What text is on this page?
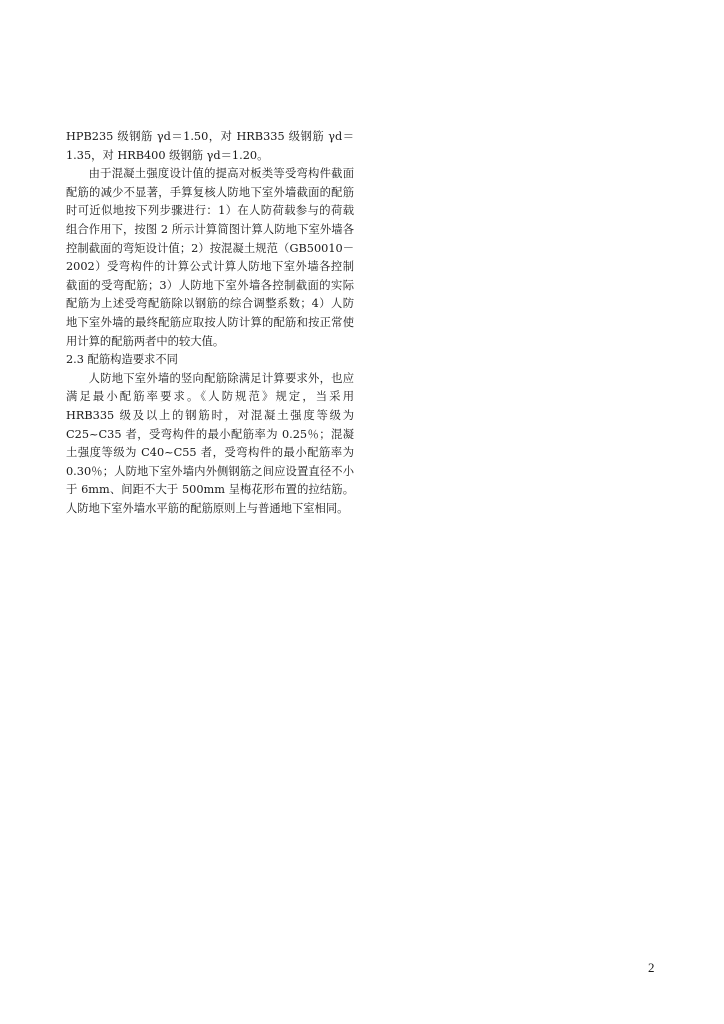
HPB235 级钢筋 γd＝1.50，对 HRB335 级钢筋 γd＝1.35，对 HRB400 级钢筋 γd＝1.20。

由于混凝土强度设计值的提高对板类等受弯构件截面配筋的减少不显著，手算复核人防地下室外墙截面的配筋时可近似地按下列步骤进行：1）在人防荷载参与的荷载组合作用下，按图 2 所示计算简图计算人防地下室外墙各控制截面的弯矩设计值；2）按混凝土规范（GB50010－2002）受弯构件的计算公式计算人防地下室外墙各控制截面的受弯配筋；3）人防地下室外墙各控制截面的实际配筋为上述受弯配筋除以钢筋的综合调整系数；4）人防地下室外墙的最终配筋应取按人防计算的配筋和按正常使用计算的配筋两者中的较大值。

2.3 配筋构造要求不同

人防地下室外墙的竖向配筋除满足计算要求外，也应满足最小配筋率要求。《人防规范》规定，当采用 HRB335 级及以上的钢筋时，对混凝土强度等级为 C25~C35 者，受弯构件的最小配筋率为 0.25％；混凝土强度等级为 C40~C55 者，受弯构件的最小配筋率为 0.30％；人防地下室外墙内外侧钢筋之间应设置直径不小于 6mm、间距不大于 500mm 呈梅花形布置的拉结筋。人防地下室外墙水平筋的配筋原则上与普通地下室相同。

2
